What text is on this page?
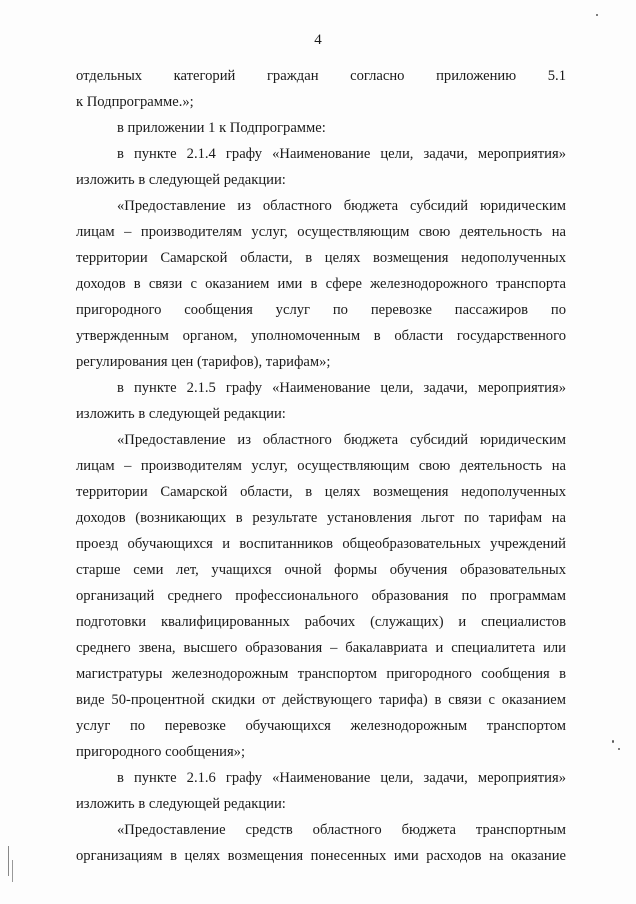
4
отдельных категорий граждан согласно приложению 5.1
к Подпрограмме.»;
в приложении 1 к Подпрограмме:
в пункте 2.1.4 графу «Наименование цели, задачи, мероприятия»
изложить в следующей редакции:
«Предоставление из областного бюджета субсидий юридическим
лицам – производителям услуг, осуществляющим свою деятельность на
территории Самарской области, в целях возмещения недополученных
доходов в связи с оказанием ими в сфере железнодорожного транспорта
пригородного сообщения услуг по перевозке пассажиров по
утвержденным органом, уполномоченным в области государственного
регулирования цен (тарифов), тарифам»;
в пункте 2.1.5 графу «Наименование цели, задачи, мероприятия»
изложить в следующей редакции:
«Предоставление из областного бюджета субсидий юридическим
лицам – производителям услуг, осуществляющим свою деятельность на
территории Самарской области, в целях возмещения недополученных
доходов (возникающих в результате установления льгот по тарифам на
проезд обучающихся и воспитанников общеобразовательных учреждений
старше семи лет, учащихся очной формы обучения образовательных
организаций среднего профессионального образования по программам
подготовки квалифицированных рабочих (служащих) и специалистов
среднего звена, высшего образования – бакалавриата и специалитета или
магистратуры железнодорожным транспортом пригородного сообщения в
виде 50-процентной скидки от действующего тарифа) в связи с оказанием
услуг по перевозке обучающихся железнодорожным транспортом
пригородного сообщения»;
в пункте 2.1.6 графу «Наименование цели, задачи, мероприятия»
изложить в следующей редакции:
«Предоставление средств областного бюджета транспортным
организациям в целях возмещения понесенных ими расходов на оказание
